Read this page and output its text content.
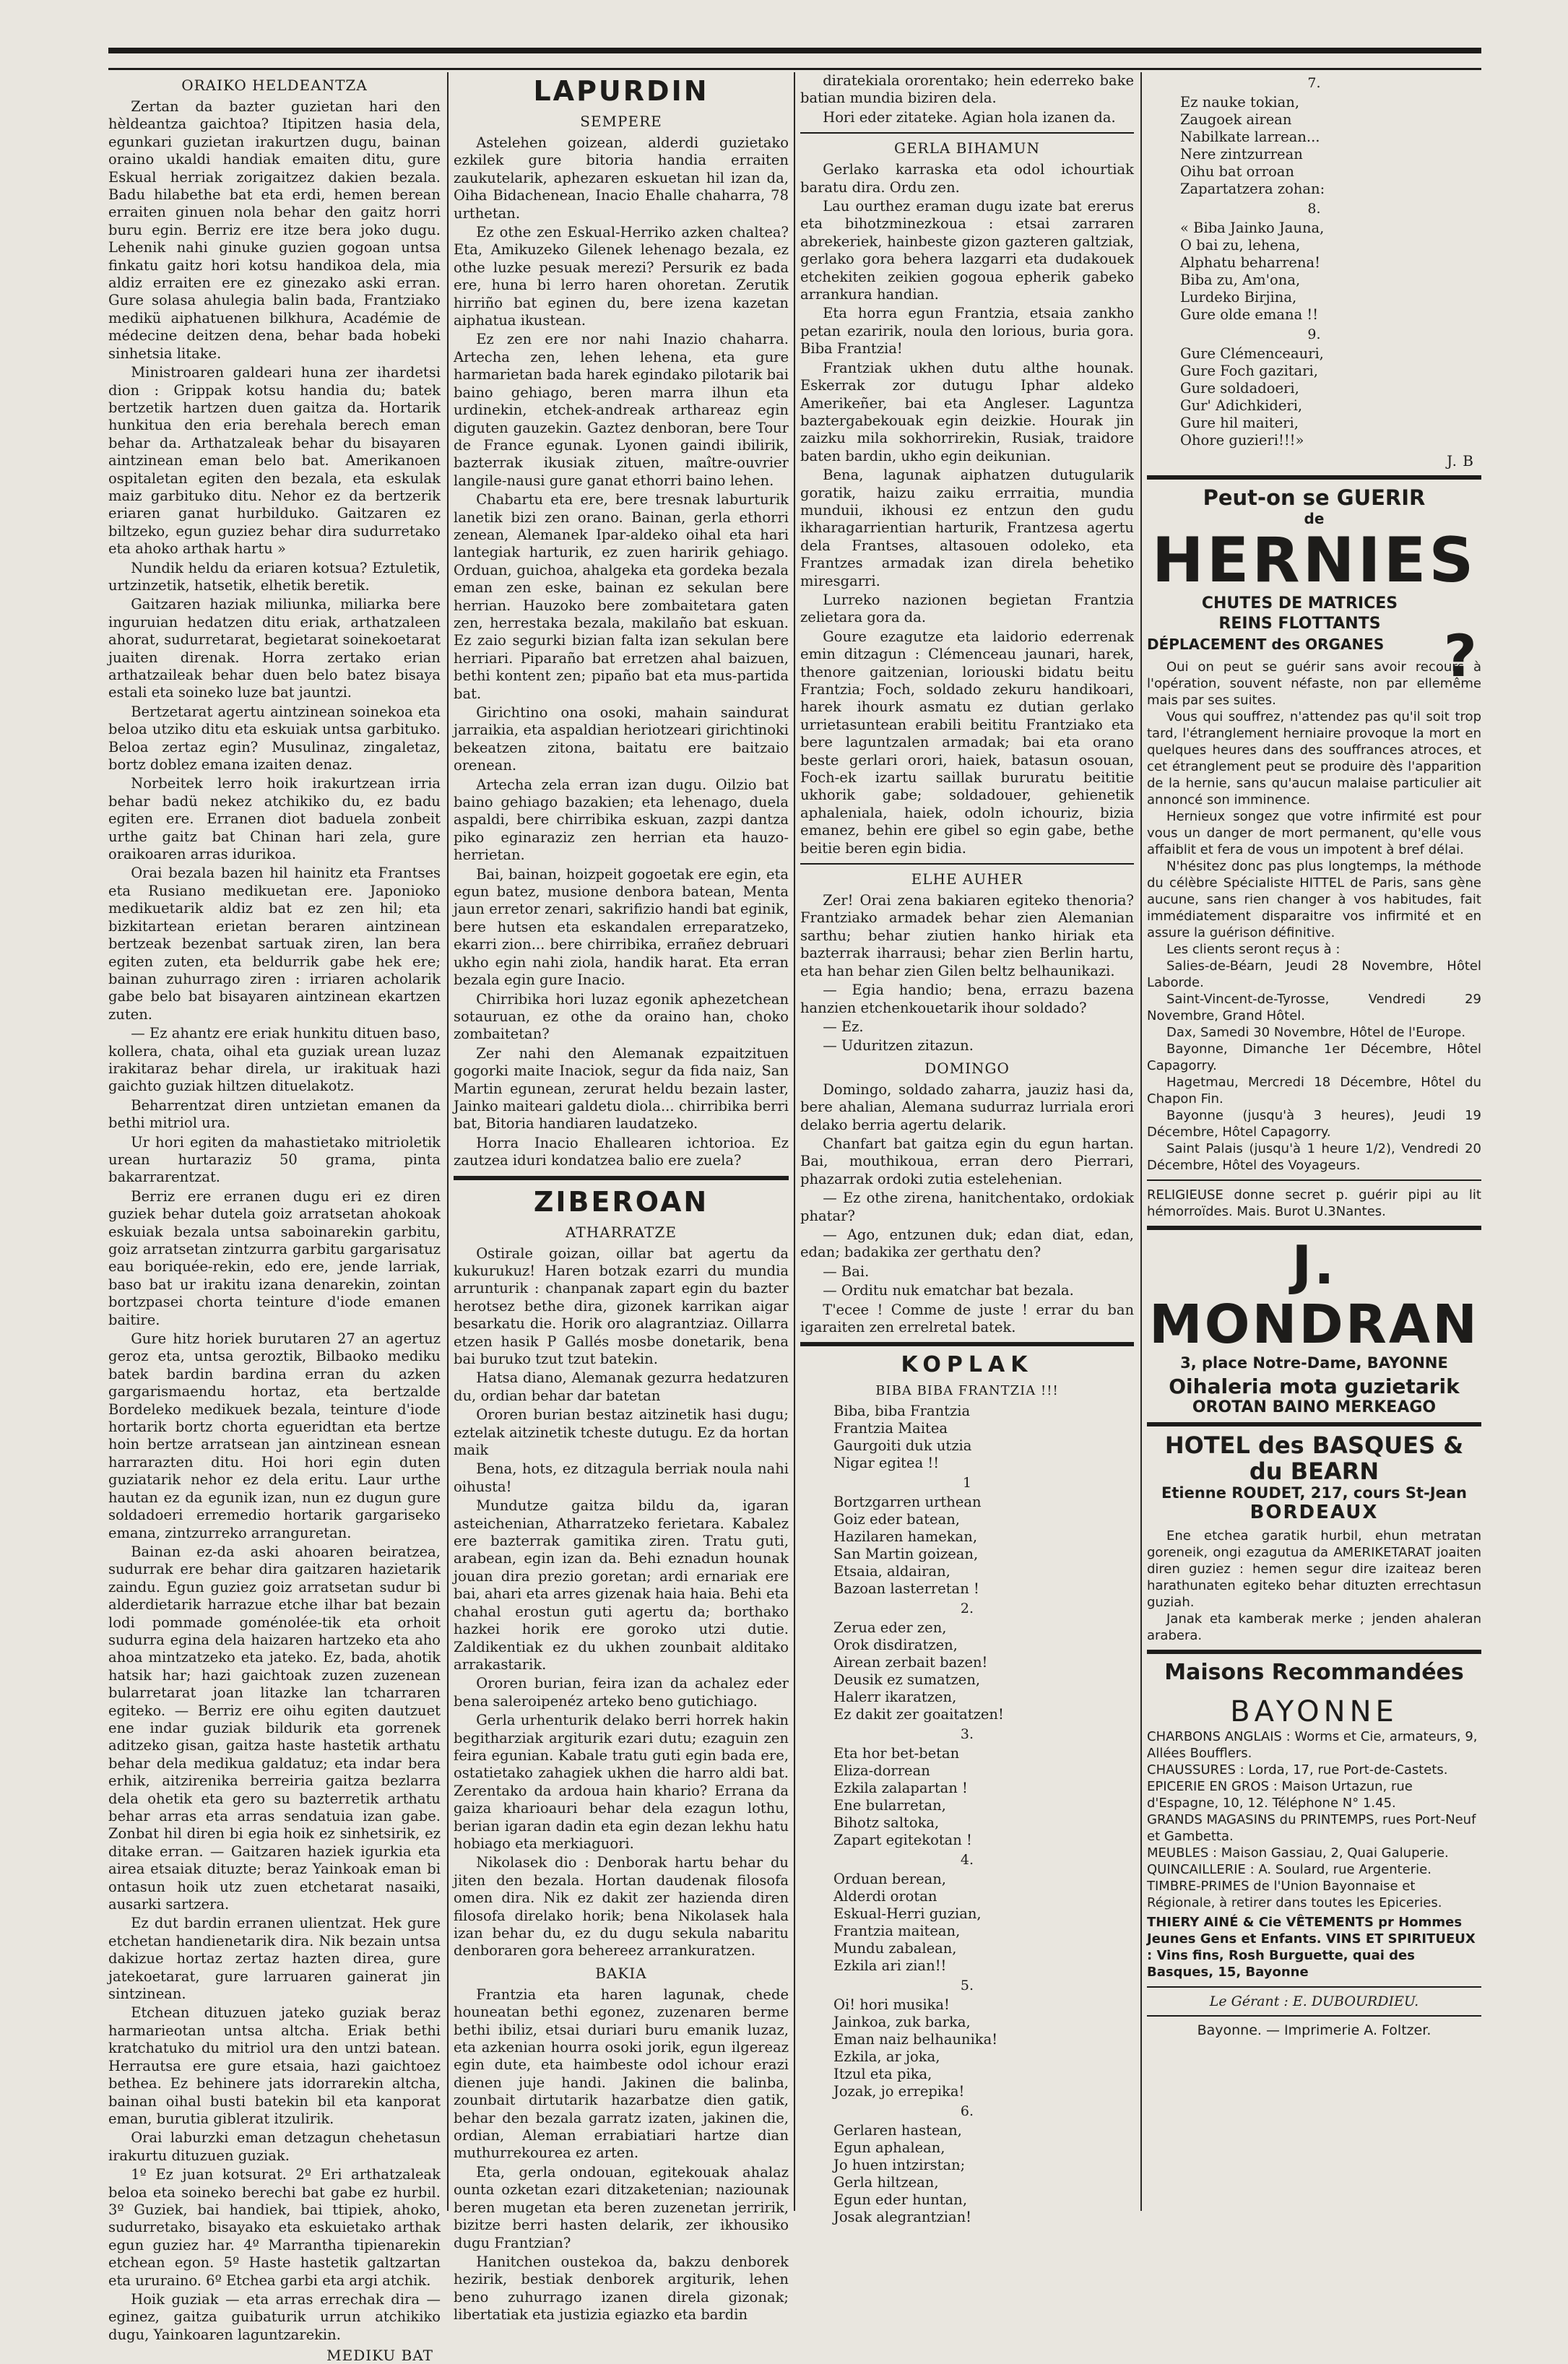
ORAIKO HELDEANTZA

Zertan da bazter guzietan hari den hèldeantza gaichtoa? Itipitzen hasia dela, egunkari guzietan irakurtzen dugu, bainan oraino ukaldi handiak emaiten ditu, gure Eskual herriak zorigaitzez dakien bezala. Badu hilabethe bat eta erdi, hemen berean erraiten ginuen nola behar den gaitz horri buru egin. Berriz ere itze bera joko dugu. Lehenik nahi ginuke guzien gogoan untsa finkatu gaitz hori kotsu handikoa dela, mia aldiz erraiten ere ez ginezako aski erran. Gure solasa ahulegia balin bada, Frantziako medikü aiphatuenen bilkhura, Académie de médecine deitzen dena, behar bada hobeki sinhetsia litake.

Ministroaren galdeari huna zer ihardetsi dion : Grippak kotsu handia du; batek bertzetik hartzen duen gaitza da. Hortarik hunkitua den eria berehala berech eman behar da. Arthatzaleak behar du bisayaren aintzinean eman belo bat. Amerikanoen ospitaletan egiten den bezala, eta eskulak maiz garbituko ditu. Nehor ez da bertzerik eriaren ganat hurbilduko. Gaitzaren ez biltzeko, egun guziez behar dira sudurretako eta ahoko arthak hartu »

Nundik heldu da eriaren kotsua? Eztuletik, urtzinzetik, hatsetik, elhetik beretik.

Gaitzaren haziak miliunka, miliarka bere inguruian hedatzen ditu eriak, arthatzaleen ahorat, sudurretarat, begietarat soinekoetarat juaiten direnak. Horra zertako erian arthatzaileak behar duen belo batez bisaya estali eta soineko luze bat jauntzi.

Bertzetarat agertu aintzinean soinekoa eta beloa utziko ditu eta eskuiak untsa garbituko. Beloa zertaz egin? Musulinaz, zingaletaz, bortz doblez emana izaiten denaz.

Norbeitek lerro hoik irakurtzean irria behar badü nekez atchikiko du, ez badu egiten ere. Erranen diot baduela zonbeit urthe gaitz bat Chinan hari zela, gure oraikoaren arras idurikoa.

Orai bezala bazen hil hainitz eta Frantses eta Rusiano medikuetan ere. Japonioko medikuetarik aldiz bat ez zen hil; eta bizkitartean erietan beraren aintzinean bertzeak bezenbat sartuak ziren, lan bera egiten zuten, eta beldurrik gabe hek ere; bainan zuhurrago ziren : irriaren acholarik gabe belo bat bisayaren aintzinean ekartzen zuten.

— Ez ahantz ere eriak hunkitu dituen baso, kollera, chata, oihal eta guziak urean luzaz irakitaraz behar direla, ur irakituak hazi gaichto guziak hiltzen dituelakotz.

Beharrentzat diren untzietan emanen da bethi mitriol ura.

Ur hori egiten da mahastietako mitrioletik urean hurtaraziz 50 grama, pinta bakarrarentzat.

Berriz ere erranen dugu eri ez diren guziek behar dutela goiz arratsetan ahokoak eskuiak bezala untsa saboinarekin garbitu, goiz arratsetan zintzurra garbitu gargarisatuz eau boriquée-rekin, edo ere, jende larriak, baso bat ur irakitu izana denarekin, zointan bortzpasei chorta teinture d'iode emanen baitire.

Gure hitz horiek burutaren 27 an agertuz geroz eta, untsa geroztik, Bilbaoko mediku batek bardin bardina erran du azken gargarismaendu hortaz, eta bertzalde Bordeleko medikuek bezala, teinture d'iode hortarik bortz chorta egueridtan eta bertze hoin bertze arratsean jan aintzinean esnean harrarazten ditu. Hoi hori egin duten guziatarik nehor ez dela eritu. Laur urthe hautan ez da egunik izan, nun ez dugun gure soldadoeri erremedio hortarik gargariseko emana, zintzurreko arranguretan.

Bainan ez-da aski ahoaren beiratzea, sudurrak ere behar dira gaitzaren hazietarik zaindu. Egun guziez goiz arratsetan sudur bi alderdietarik harrazue etche ilhar bat bezain lodi pommade goménolée-tik eta orhoit sudurra egina dela haizaren hartzeko eta aho ahoa mintzatzeko eta jateko. Ez, bada, ahotik hatsik har; hazi gaichtoak zuzen zuzenean bularretarat joan litazke lan tcharraren egiteko. — Berriz ere oihu egiten dautzuet ene indar guziak bildurik eta gorrenek aditzeko gisan, gaitza haste hastetik arthatu behar dela medikua galdatuz; eta indar bera erhik, aitzirenika berreiria gaitza bezlarra dela ohetik eta gero su bazterretik arthatu behar arras eta arras sendatuia izan gabe. Zonbat hil diren bi egia hoik ez sinhetsirik, ez ditake erran. — Gaitzaren haziek igurkia eta airea etsaiak dituzte; beraz Yainkoak eman bi ontasun hoik utz zuen etchetarat nasaiki, ausarki sartzera.

Ez dut bardin erranen ulientzat. Hek gure etchetan handienetarik dira. Nik bezain untsa dakizue hortaz zertaz hazten direa, gure jatekoetarat, gure larruaren gainerat jin sintzinean.

Etchean dituzuen jateko guziak beraz harmarieotan untsa altcha. Eriak bethi kratchatuko du mitriol ura den untzi batean. Herrautsa ere gure etsaia, hazi gaichtoez bethea. Ez behinere jats idorrarekin altcha, bainan oihal busti batekin bil eta kanporat eman, burutia giblerat itzulirik.

Orai laburzki eman detzagun chehetasun irakurtu dituzuen guziak.

1º Ez juan kotsurat. 2º Eri arthatzaleak beloa eta soineko berechi bat gabe ez hurbil. 3º Guziek, bai handiek, bai ttipiek, ahoko, sudurretako, bisayako eta eskuietako arthak egun guziez har. 4º Marrantha tipienarekin etchean egon. 5º Haste hastetik galtzartan eta ururaino. 6º Etchea garbi eta argi atchik.

Hoik guziak — eta arras errechak dira — eginez, gaitza guibaturik urrun atchikiko dugu, Yainkoaren laguntzarekin.

MEDIKU BAT
LAPURDIN
SEMPERE

Astelehen goizean, alderdi guzietako ezkilek gure bitoria handia erraiten zaukutelarik, aphezaren eskuetan hil izan da, Oiha Bidachenean, Inacio Ehalle chaharra, 78 urthetan.

Ez othe zen Eskual-Herriko azken chaltea? Eta, Amikuzeko Gilenek lehenago bezala, ez othe luzke pesuak merezi? Persurik ez bada ere, huna bi lerro haren ohoretan. Zerutik hirriño bat eginen du, bere izena kazetan aiphatua ikustean.

Ez zen ere nor nahi Inazio chaharra. Artecha zen, lehen lehena, eta gure harmarietan bada harek egindako pilotarik bai baino gehiago, beren marra ilhun eta urdinekin, etchek-andreak arthareaz egin diguten gauzekin. Gaztez denboran, bere Tour de France egunak. Lyonen gaindi ibilirik, bazterrak ikusiak zituen, maître-ouvrier langile-nausi gure ganat ethorri baino lehen.

Chabartu eta ere, bere tresnak laburturik lanetik bizi zen orano. Bainan, gerla ethorri zenean, Alemanek Ipar-aldeko oihal eta hari lantegiak harturik, ez zuen haririk gehiago. Orduan, guichoa, ahalgeka eta gordeka bezala eman zen eske, bainan ez sekulan bere herrian. Hauzoko bere zombaitetara gaten zen, herrestaka bezala, makilaño bat eskuan. Ez zaio segurki bizian falta izan sekulan bere herriari. Piparaño bat erretzen ahal baizuen, bethi kontent zen; pipaño bat eta mus-partida bat.

Girichtino ona osoki, mahain saindurat jarraikia, eta aspaldian heriotzeari girichtinoki bekeatzen zitona, baitatu ere baitzaio orenean.

Artecha zela erran izan dugu. Oilzio bat baino gehiago bazakien; eta lehenago, duela aspaldi, bere chirribika eskuan, zazpi dantza piko eginaraziz zen herrian eta hauzo-herrietan.

Bai, bainan, hoizpeit gogoetak ere egin, eta egun batez, musione denbora batean, Menta jaun erretor zenari, sakrifizio handi bat eginik, bere hutsen eta eskandalen erreparatzeko, ekarri zion... bere chirribika, errañez debruari ukho egin nahi ziola, handik harat. Eta erran bezala egin gure Inacio.

Chirribika hori luzaz egonik aphezetchean sotauruan, ez othe da oraino han, choko zombaitetan?

Zer nahi den Alemanak ezpaitzituen gogorki maite Inaciok, segur da fida naiz, San Martin egunean, zerurat heldu bezain laster, Jainko maiteari galdetu diola... chirribika berri bat, Bitoria handiaren laudatzeko.

Horra Inacio Ehallearen ichtorioa. Ez zautzea iduri kondatzea balio ere zuela?

ZIBEROAN
ATHARRATZE

Ostirale goizan, oillar bat agertu da kukurukuz! Haren botzak ezarri du mundia arrunturik : chanpanak zapart egin du bazter herotsez bethe dira, gizonek karrikan aigar besarkatu die. Horik oro alagrantziaz. Oillarra etzen hasik P Gallés mosbe donetarik, bena bai buruko tzut tzut batekin.

Hatsa diano, Alemanak gezurra hedatzuren du, ordian behar dar batetan

Ororen burian bestaz aitzinetik hasi dugu; eztelak aitzinetik tcheste dutugu. Ez da hortan maik

Bena, hots, ez ditzagula berriak noula nahi oihusta!

Mundutze gaitza bildu da, igaran asteichenian, Atharratzeko ferietara. Kabalez ere bazterrak gamitika ziren. Tratu guti, arabean, egin izan da. Behi eznadun hounak jouan dira prezio goretan; ardi ernariak ere bai, ahari eta arres gizenak haia haia. Behi eta chahal erostun guti agertu da; borthako hazkei horik ere goroko utzi dutie. Zaldikentiak ez du ukhen zounbait alditako arrakastarik.

Ororen burian, feira izan da achalez eder bena saleroipenéz arteko beno gutichiago.

Gerla urhenturik delako berri horrek hakin begitharziak argiturik ezari dutu; ezaguin zen feira egunian. Kabale tratu guti egin bada ere, ostatietako zahagiek ukhen die harro aldi bat. Zerentako da ardoua hain khario? Errana da gaiza kharioauri behar dela ezagun lothu, berian igaran dadin eta egin dezan lekhu hatu hobiago eta merkiaguori.

Nikolasek dio : Denborak hartu behar du jiten den bezala. Hortan daudenak filosofa omen dira. Nik ez dakit zer hazienda diren filosofa direlako horik; bena Nikolasek hala izan behar du, ez du dugu sekula nabaritu denboraren gora behereez arrankuratzen.

BAKIA

Frantzia eta haren lagunak, chede houneatan bethi egonez, zuzenaren berme bethi ibiliz, etsai duriari buru emanik luzaz, eta azkenian hourra osoki jorik, egun ilgereaz egin dute, eta haimbeste odol ichour erazi dienen juje handi. Jakinen die balinba, zounbait dirtutarik hazarbatze dien gatik, behar den bezala garratz izaten, jakinen die, ordian, Aleman errabiatiari hartze dian muthurrekourea ez arten.

Eta, gerla ondouan, egitekouak ahalaz ounta ozketan ezari ditzaketenian; naziounak beren mugetan eta beren zuzenetan jerririk, bizitze berri hasten delarik, zer ikhousiko dugu Frantzian?

Hanitchen oustekoa da, bakzu denborek hezirik, bestiak denborek argiturik, lehen beno zuhurrago izanen direla gizonak; libertatiak eta justizia egiazko eta bardin

diratekiala ororentako; hein ederreko bake batian mundia biziren dela.

Hori eder zitateke. Agian hola izanen da.

GERLA BIHAMUN

Gerlako karraska eta odol ichourtiak baratu dira. Ordu zen.

Lau ourthez eraman dugu izate bat ererus eta bihotzminezkoua : etsai zarraren abrekeriek, hainbeste gizon gazteren galtziak, gerlako gora behera lazgarri eta dudakouek etchekiten zeikien gogoua epherik gabeko arrankura handian.

Eta horra egun Frantzia, etsaia zankho petan ezaririk, noula den lorious, buria gora. Biba Frantzia!

Frantziak ukhen dutu althe hounak. Eskerrak zor dutugu Iphar aldeko Amerikeñer, bai eta Angleser. Laguntza baztergabekouak egin deizkie. Hourak jin zaizku mila sokhorrirekin, Rusiak, traidore baten bardin, ukho egin deikunian.

Bena, lagunak aiphatzen dutugularik goratik, haizu zaiku errraitia, mundia munduii, ikhousi ez entzun den gudu ikharagarrientian harturik, Frantzesa agertu dela Frantses, altasouen odoleko, eta Frantzes armadak izan direla behetiko miresgarri.

Lurreko nazionen begietan Frantzia zelietara gora da.

Goure ezagutze eta laidorio ederrenak emin ditzagun : Clémenceau jaunari, harek, thenore gaitzenian, loriouski bidatu beitu Frantzia; Foch, soldado zekuru handikoari, harek ihourk asmatu ez dutian gerlako urrietasuntean erabili beititu Frantziako eta bere laguntzalen armadak; bai eta orano beste gerlari orori, haiek, batasun osouan, Foch-ek izartu saillak bururatu beititie ukhorik gabe; soldadouer, gehienetik aphaleniala, haiek, odoln ichouriz, bizia emanez, behin ere gibel so egin gabe, bethe beitie beren egin bidia.

ELHE AUHER

Zer! Orai zena bakiaren egiteko thenoria? Frantziako armadek behar zien Alemanian sarthu; behar ziutien hanko hiriak eta bazterrak iharrausi; behar zien Berlin hartu, eta han behar zien Gilen beltz belhaunikazi.

— Egia handio; bena, errazu bazena hanzien etchenkouetarik ihour soldado?

— Ez.

— Uduritzen zitazun.

DOMINGO

Domingo, soldado zaharra, jauziz hasi da, bere ahalian, Alemana sudurraz lurriala erori delako berria agertu delarik.

Chanfart bat gaitza egin du egun hartan. Bai, mouthikoua, erran dero Pierrari, phazarrak ordoki zutia estelehenian.

— Ez othe zirena, hanitchentako, ordokiak phatar?

— Ago, entzunen duk; edan diat, edan, edan; badakika zer gerthatu den?

— Bai.

— Orditu nuk ematchar bat bezala.

T'ecee ! Comme de juste ! errar du ban igaraiten zen errelretal batek.

KOPLAK
BIBA BIBA FRANTZIA !!!
Biba, biba Frantzia
Frantzia Maitea
Gaurgoiti duk utzia
Nigar egitea !!
1
Bortzgarren urthean
Goiz eder batean,
Hazilaren hamekan,
San Martin goizean,
Etsaia, aldairan,
Bazoan lasterretan !
2.
Zerua eder zen,
Orok disdiratzen,
Airean zerbait bazen!
Deusik ez sumatzen,
Halerr ikaratzen,
Ez dakit zer goaitatzen!
3.
Eta hor bet-betan
Eliza-dorrean
Ezkila zalapartan !
Ene bularretan,
Bihotz saltoka,
Zapart egitekotan !
4.
Orduan berean,
Alderdi orotan
Eskual-Herri guzian,
Frantzia maitean,
Mundu zabalean,
Ezkila ari zian!!
5.
Oi! hori musika!
Jainkoa, zuk barka,
Eman naiz belhaunika!
Ezkila, ar joka,
Itzul eta pika,
Jozak, jo errepika!
6.
Gerlaren hastean,
Egun aphalean,
Jo huen intzirstan;
Gerla hiltzean,
Egun eder huntan,
Josak alegrantzian!
7.
Ez nauke tokian,
Zaugoek airean
Nabilkate larrean...
Nere zintzurrean
Oihu bat orroan
Zapartatzera zohan:
8.
« Biba Jainko Jauna,
O bai zu, lehena,
Alphatu beharrena!
Biba zu, Am'ona,
Lurdeko Birjina,
Gure olde emana !!
9.
Gure Clémenceauri,
Gure Foch gazitari,
Gure soldadoeri,
Gur' Adichkideri,
Gure hil maiteri,
Ohore guzieri!!!»
J. B
Peut-on se GUERIR
de
HERNIES
CHUTES DE MATRICES
REINS FLOTTANTS
DÉPLACEMENT des ORGANES	?
Oui on peut se guérir sans avoir recours à l'opération, souvent néfaste, non par ellemême mais par ses suites.
Vous qui souffrez, n'attendez pas qu'il soit trop tard, l'étranglement herniaire provoque la mort en quelques heures dans des souffrances atroces, et cet étranglement peut se produire dès l'apparition de la hernie, sans qu'aucun malaise particulier ait annoncé son imminence.
Hernieux songez que votre infirmité est pour vous un danger de mort permanent, qu'elle vous affaiblit et fera de vous un impotent à bref délai.
N'hésitez donc pas plus longtemps, la méthode du célèbre Spécialiste HITTEL de Paris, sans gène aucune, sans rien changer à vos habitudes, fait immédiatement disparaitre vos infirmité et en assure la guérison définitive.
Les clients seront reçus à :
Salies-de-Béarn, Jeudi 28 Novembre, Hôtel Laborde.
Saint-Vincent-de-Tyrosse, Vendredi 29 Novembre, Grand Hôtel.
Dax, Samedi 30 Novembre, Hôtel de l'Europe.
Bayonne, Dimanche 1er Décembre, Hôtel Capagorry.
Hagetmau, Mercredi 18 Décembre, Hôtel du Chapon Fin.
Bayonne (jusqu'à 3 heures), Jeudi 19 Décembre, Hôtel Capagorry.
Saint Palais (jusqu'à 1 heure 1/2), Vendredi 20 Décembre, Hôtel des Voyageurs.
RELIGIEUSE donne secret p. guérir pipi au lit hémorroïdes. Mais. Burot U.3Nantes.
J. MONDRAN
3, place Notre-Dame, BAYONNE
Oihaleria mota guzietarik
OROTAN BAINO MERKEAGO
HOTEL des BASQUES & du BEARN
Etienne ROUDET, 217, cours St-Jean
BORDEAUX
Ene etchea garatik hurbil, ehun metratan goreneik, ongi ezagutua da AMERIKETARAT joaiten diren guziez : hemen segur dire izaiteaz beren harathunaten egiteko behar dituzten errechtasun guziah.
Janak eta kamberak merke ; jenden ahaleran arabera.
Maisons Recommandées
BAYONNE
CHARBONS ANGLAIS : Worms et Cie, armateurs, 9, Allées Boufflers.
CHAUSSURES : Lorda, 17, rue Port-de-Castets.
EPICERIE EN GROS : Maison Urtazun, rue d'Espagne, 10, 12. Téléphone N° 1.45.
GRANDS MAGASINS du PRINTEMPS, rues Port-Neuf et Gambetta.
MEUBLES : Maison Gassiau, 2, Quai Galuperie.
QUINCAILLERIE : A. Soulard, rue Argenterie.
TIMBRE-PRIMES de l'Union Bayonnaise et Régionale, à retirer dans toutes les Epiceries.
THIERY AINÉ & Cie VÊTEMENTS pr Hommes Jeunes Gens et Enfants. VINS ET SPIRITUEUX : Vins fins, Rosh Burguette, quai des Basques, 15, Bayonne
Le Gérant : E. DUBOURDIEU.
Bayonne. — Imprimerie A. Foltzer.
